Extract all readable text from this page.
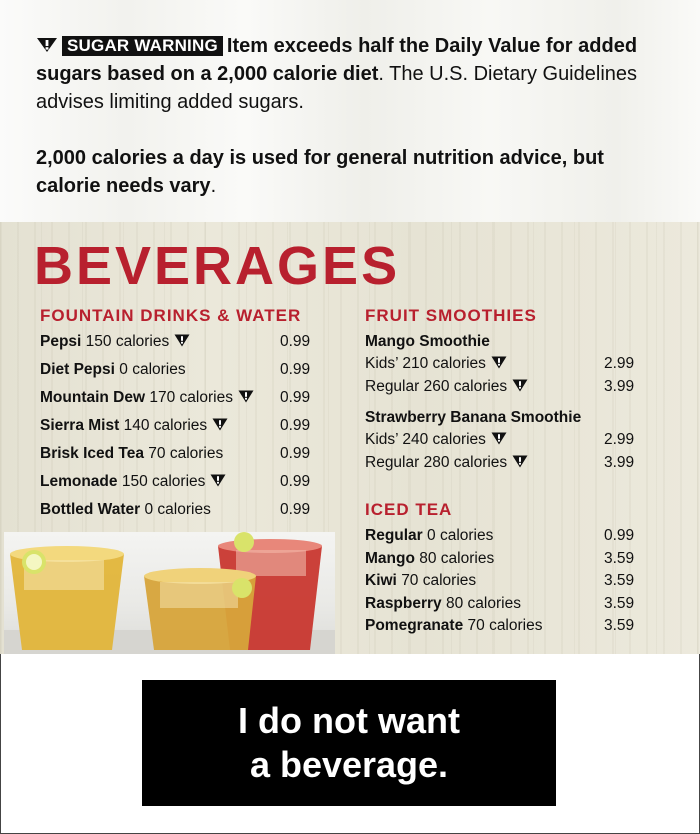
SUGAR WARNING Item exceeds half the Daily Value for added sugars based on a 2,000 calorie diet. The U.S. Dietary Guidelines advises limiting added sugars.

2,000 calories a day is used for general nutrition advice, but calorie needs vary.

BEVERAGES
FOUNTAIN DRINKS & WATER
Pepsi 150 calories	0.99
Diet Pepsi 0 calories	0.99
Mountain Dew 170 calories	0.99
Sierra Mist 140 calories	0.99
Brisk Iced Tea 70 calories	0.99
Lemonade 150 calories	0.99
Bottled Water 0 calories	0.99
FRUIT SMOOTHIES
Mango Smoothie
Kids’ 210 calories	2.99
Regular 260 calories	3.99
Strawberry Banana Smoothie
Kids’ 240 calories	2.99
Regular 280 calories	3.99
ICED TEA
Regular 0 calories	0.99
Mango 80 calories	3.59
Kiwi 70 calories	3.59
Raspberry 80 calories	3.59
Pomegranate 70 calories	3.59
I do not want
a beverage.
